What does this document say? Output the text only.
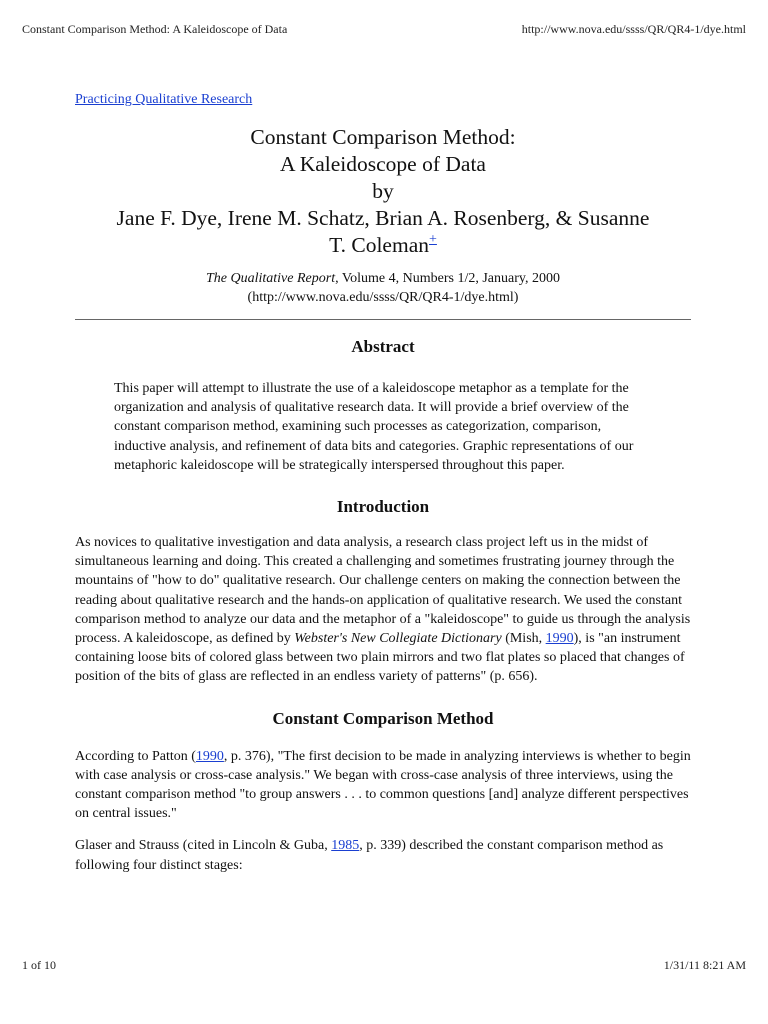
Constant Comparison Method: A Kaleidoscope of Data	http://www.nova.edu/ssss/QR/QR4-1/dye.html
Practicing Qualitative Research
Constant Comparison Method:
A Kaleidoscope of Data
by
Jane F. Dye, Irene M. Schatz, Brian A. Rosenberg, & Susanne
T. Coleman+
The Qualitative Report, Volume 4, Numbers 1/2, January, 2000
(http://www.nova.edu/ssss/QR/QR4-1/dye.html)
Abstract

This paper will attempt to illustrate the use of a kaleidoscope metaphor as a template for the organization and analysis of qualitative research data. It will provide a brief overview of the constant comparison method, examining such processes as categorization, comparison, inductive analysis, and refinement of data bits and categories. Graphic representations of our metaphoric kaleidoscope will be strategically interspersed throughout this paper.

Introduction

As novices to qualitative investigation and data analysis, a research class project left us in the midst of simultaneous learning and doing. This created a challenging and sometimes frustrating journey through the mountains of "how to do" qualitative research. Our challenge centers on making the connection between the reading about qualitative research and the hands-on application of qualitative research. We used the constant comparison method to analyze our data and the metaphor of a "kaleidoscope" to guide us through the analysis process. A kaleidoscope, as defined by Webster's New Collegiate Dictionary (Mish, 1990), is "an instrument containing loose bits of colored glass between two plain mirrors and two flat plates so placed that changes of position of the bits of glass are reflected in an endless variety of patterns" (p. 656).

Constant Comparison Method

According to Patton (1990, p. 376), "The first decision to be made in analyzing interviews is whether to begin with case analysis or cross-case analysis." We began with cross-case analysis of three interviews, using the constant comparison method "to group answers . . . to common questions [and] analyze different perspectives on central issues."

Glaser and Strauss (cited in Lincoln & Guba, 1985, p. 339) described the constant comparison method as following four distinct stages:

1 of 10	1/31/11 8:21 AM
